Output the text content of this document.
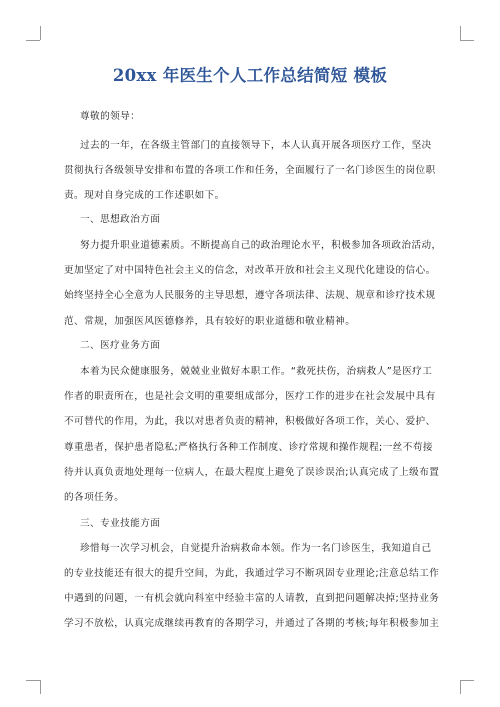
20xx 年医生个人工作总结简短 模板
尊敬的领导：
过去的一年，在各级主管部门的直接领导下，本人认真开展各项医疗工作，坚决
贯彻执行各级领导安排和布置的各项工作和任务，全面履行了一名门诊医生的岗位职
责。现对自身完成的工作述职如下。
一、思想政治方面
努力提升职业道德素质。不断提高自己的政治理论水平，积极参加各项政治活动，
更加坚定了对中国特色社会主义的信念，对改革开放和社会主义现代化建设的信心。
始终坚持全心全意为人民服务的主导思想，遵守各项法律、法规、规章和诊疗技术规
范、常规，加强医风医德修养，具有较好的职业道德和敬业精神。
二、医疗业务方面
本着为民众健康服务，兢兢业业做好本职工作。“救死扶伤，治病救人”是医疗工
作者的职责所在，也是社会文明的重要组成部分，医疗工作的进步在社会发展中具有
不可替代的作用，为此，我以对患者负责的精神，积极做好各项工作，关心、爱护、
尊重患者，保护患者隐私;严格执行各种工作制度、诊疗常规和操作规程;一丝不苟接
待并认真负责地处理每一位病人，在最大程度上避免了误诊误治;认真完成了上级布置
的各项任务。
三、专业技能方面
珍惜每一次学习机会，自觉提升治病救命本领。作为一名门诊医生，我知道自己
的专业技能还有很大的提升空间，为此，我通过学习不断巩固专业理论;注意总结工作
中遇到的问题，一有机会就向科室中经验丰富的人请教，直到把问题解决掉;坚持业务
学习不放松，认真完成继续再教育的各期学习，并通过了各期的考核;每年积极参加主
